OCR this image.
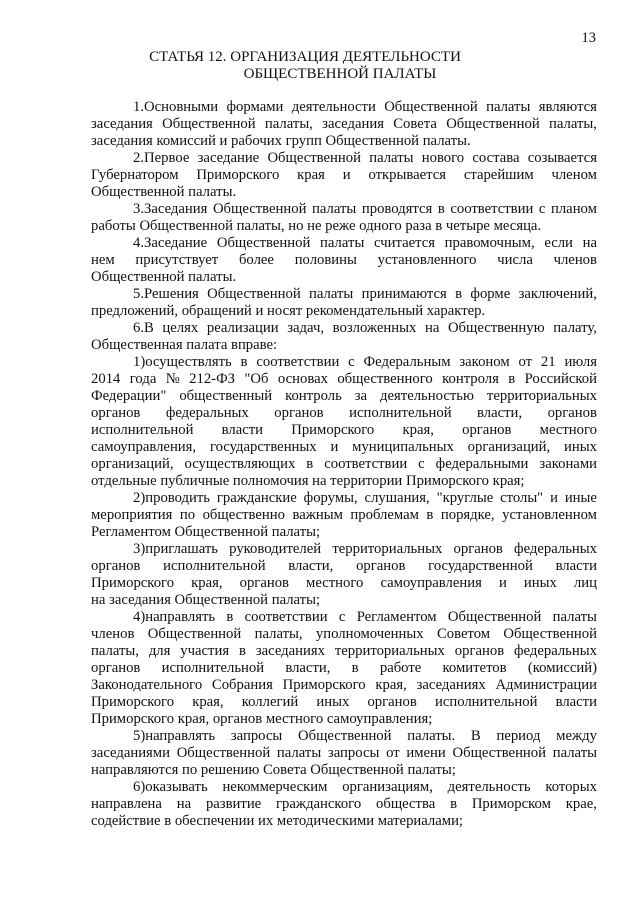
13
СТАТЬЯ 12. ОРГАНИЗАЦИЯ ДЕЯТЕЛЬНОСТИ
ОБЩЕСТВЕННОЙ ПАЛАТЫ
1.Основными формами деятельности Общественной палаты являются
заседания Общественной палаты, заседания Совета Общественной палаты,
заседания комиссий и рабочих групп Общественной палаты.
2.Первое заседание Общественной палаты нового состава созывается
Губернатором Приморского края и открывается старейшим членом
Общественной палаты.
3.Заседания Общественной палаты проводятся в соответствии с планом
работы Общественной палаты, но не реже одного раза в четыре месяца.
4.Заседание Общественной палаты считается правомочным, если на
нем присутствует более половины установленного числа членов
Общественной палаты.
5.Решения Общественной палаты принимаются в форме заключений,
предложений, обращений и носят рекомендательный характер.
6.В целях реализации задач, возложенных на Общественную палату,
Общественная палата вправе:
1)осуществлять в соответствии с Федеральным законом от 21 июля
2014 года № 212-ФЗ "Об основах общественного контроля в Российской
Федерации" общественный контроль за деятельностью территориальных
органов федеральных органов исполнительной власти, органов
исполнительной власти Приморского края, органов местного
самоуправления, государственных и муниципальных организаций, иных
организаций, осуществляющих в соответствии с федеральными законами
отдельные публичные полномочия на территории Приморского края;
2)проводить гражданские форумы, слушания, "круглые столы" и иные
мероприятия по общественно важным проблемам в порядке, установленном
Регламентом Общественной палаты;
3)приглашать руководителей территориальных органов федеральных
органов исполнительной власти, органов государственной власти
Приморского края, органов местного самоуправления и иных лиц
на заседания Общественной палаты;
4)направлять в соответствии с Регламентом Общественной палаты
членов Общественной палаты, уполномоченных Советом Общественной
палаты, для участия в заседаниях территориальных органов федеральных
органов исполнительной власти, в работе комитетов (комиссий)
Законодательного Собрания Приморского края, заседаниях Администрации
Приморского края, коллегий иных органов исполнительной власти
Приморского края, органов местного самоуправления;
5)направлять запросы Общественной палаты. В период между
заседаниями Общественной палаты запросы от имени Общественной палаты
направляются по решению Совета Общественной палаты;
6)оказывать некоммерческим организациям, деятельность которых
направлена на развитие гражданского общества в Приморском крае,
содействие в обеспечении их методическими материалами;
